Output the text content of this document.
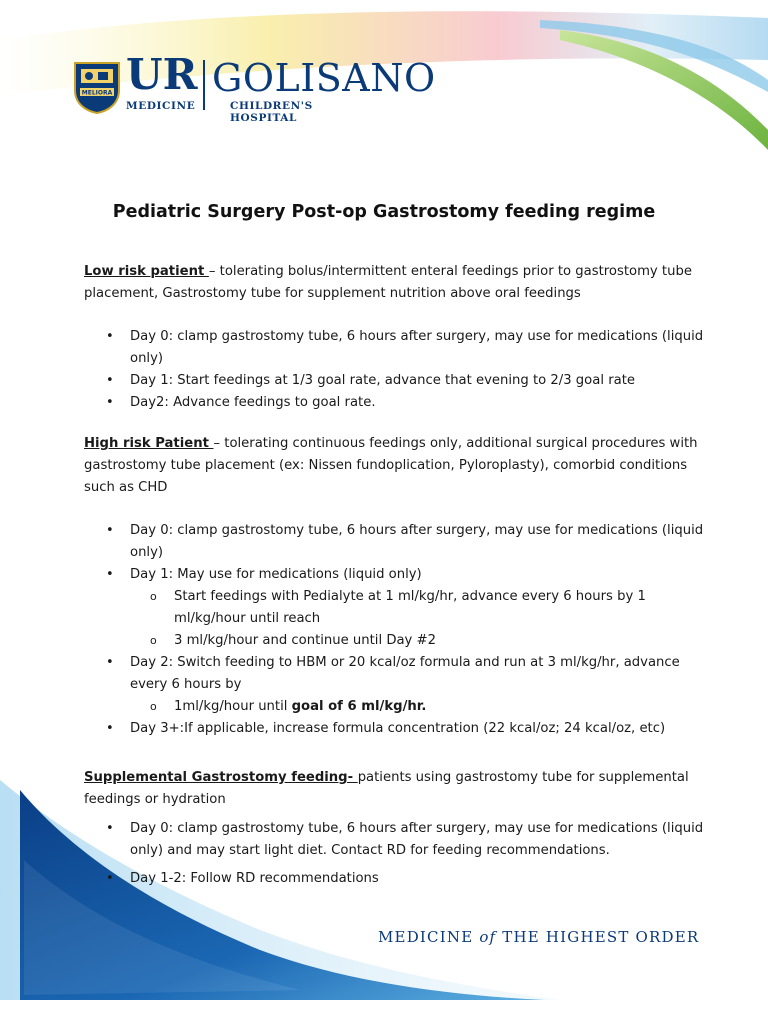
MELIORA UR
MEDICINE
GOLISANO
CHILDREN'S HOSPITAL
Pediatric Surgery Post-op Gastrostomy feeding regime
Low risk patient – tolerating bolus/intermittent enteral feedings prior to gastrostomy tube placement, Gastrostomy tube for supplement nutrition above oral feedings
• Day 0: clamp gastrostomy tube, 6 hours after surgery, may use for medications (liquid only)
• Day 1: Start feedings at 1/3 goal rate, advance that evening to 2/3 goal rate
• Day2: Advance feedings to goal rate.
High risk Patient – tolerating continuous feedings only, additional surgical procedures with gastrostomy tube placement (ex: Nissen fundoplication, Pyloroplasty), comorbid conditions such as CHD
• Day 0: clamp gastrostomy tube, 6 hours after surgery, may use for medications (liquid only)
• Day 1: May use for medications (liquid only)
o Start feedings with Pedialyte at 1 ml/kg/hr, advance every 6 hours by 1 ml/kg/hour until reach
o 3 ml/kg/hour and continue until Day #2
• Day 2: Switch feeding to HBM or 20 kcal/oz formula and run at 3 ml/kg/hr, advance every 6 hours by
o 1ml/kg/hour until goal of 6 ml/kg/hr.
• Day 3+:If applicable, increase formula concentration (22 kcal/oz; 24 kcal/oz, etc)
Supplemental Gastrostomy feeding- patients using gastrostomy tube for supplemental feedings or hydration
• Day 0: clamp gastrostomy tube, 6 hours after surgery, may use for medications (liquid only) and may start light diet. Contact RD for feeding recommendations.
• Day 1-2: Follow RD recommendations
MEDICINE of THE HIGHEST ORDER
